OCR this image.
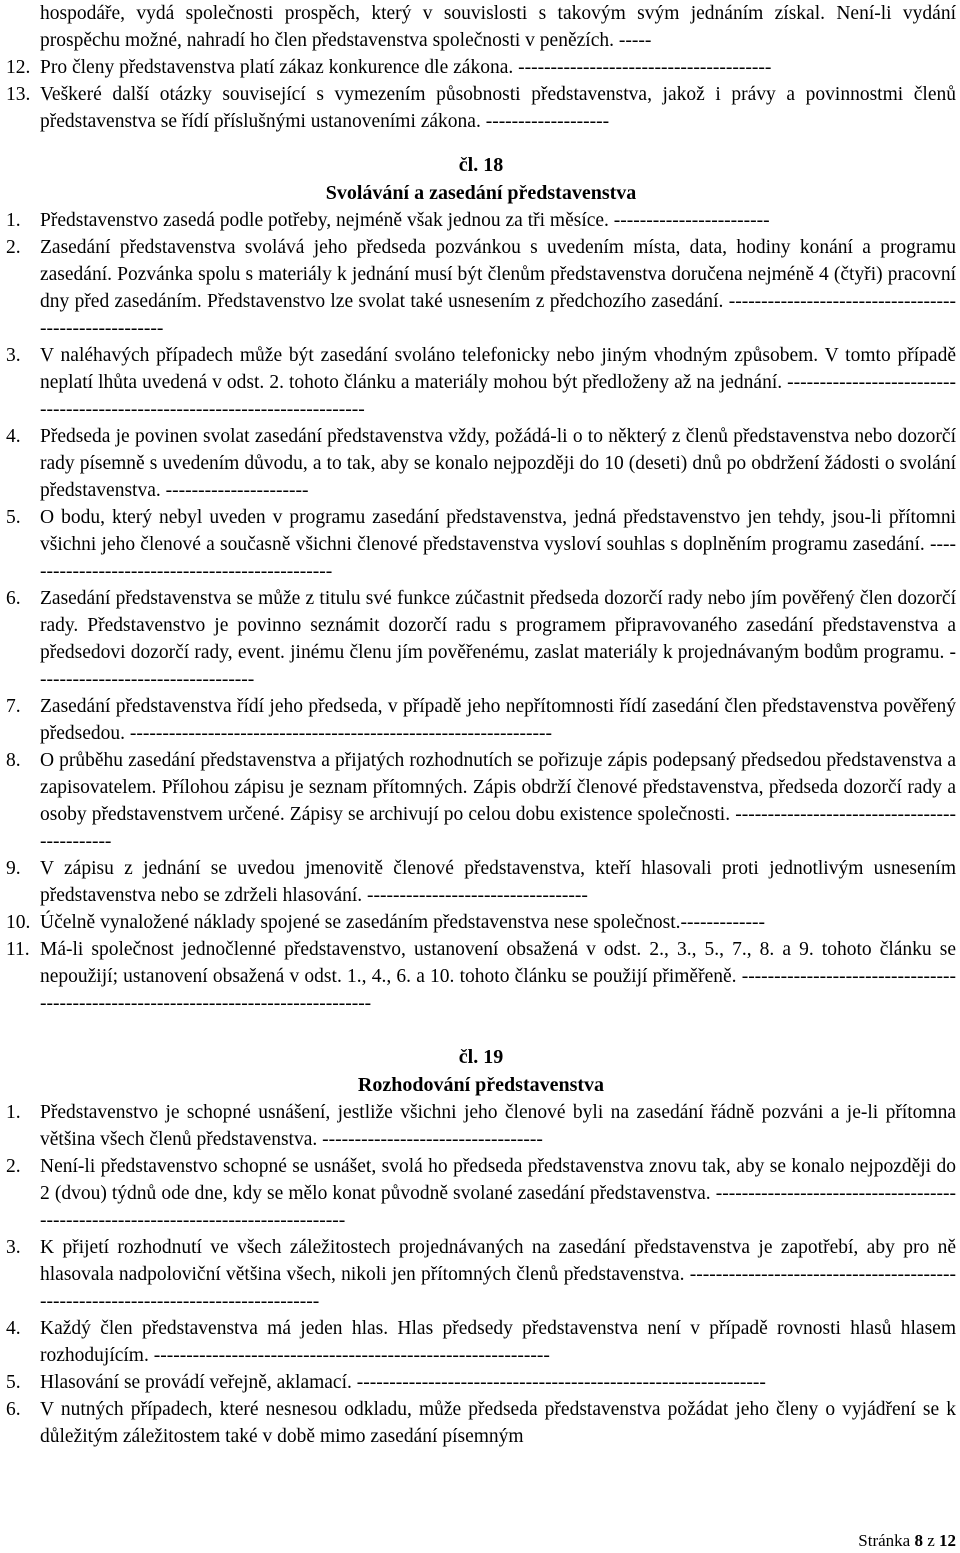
hospodáře, vydá společnosti prospěch, který v souvislosti s takovým svým jednáním získal. Není-li vydání prospěchu možné, nahradí ho člen představenstva společnosti v penězích. -----
12. Pro členy představenstva platí zákaz konkurence dle zákona. ---------------------------------------
13. Veškeré další otázky související s vymezením působnosti představenstva, jakož i právy a povinnostmi členů představenstva se řídí příslušnými ustanoveními zákona. -------------------
čl. 18
Svolávání a zasedání představenstva
1. Představenstvo zasedá podle potřeby, nejméně však jednou za tři měsíce. ------------------------
2. Zasedání představenstva svolává jeho předseda pozvánkou s uvedením místa, data, hodiny konání a programu zasedání. Pozvánka spolu s materiály k jednání musí být členům představenstva doručena nejméně 4 (čtyři) pracovní dny před zasedáním. Představenstvo lze svolat také usnesením z předchozího zasedání. ------------------------------------------------------
3. V naléhavých případech může být zasedání svoláno telefonicky nebo jiným vhodným způsobem. V tomto případě neplatí lhůta uvedená v odst. 2. tohoto článku a materiály mohou být předloženy až na jednání. ----------------------------------------------------------------------------
4. Předseda je povinen svolat zasedání představenstva vždy, požádá-li o to některý z členů představenstva nebo dozorčí rady písemně s uvedením důvodu, a to tak, aby se konalo nejpozději do 10 (deseti) dnů po obdržení žádosti o svolání představenstva. ----------------------
5. O bodu, který nebyl uveden v programu zasedání představenstva, jedná představenstvo jen tehdy, jsou-li přítomni všichni jeho členové a současně všichni členové představenstva vysloví souhlas s doplněním programu zasedání. -------------------------------------------------
6. Zasedání představenstva se může z titulu své funkce zúčastnit předseda dozorčí rady nebo jím pověřený člen dozorčí rady. Představenstvo je povinno seznámit dozorčí radu s programem připravovaného zasedání představenstva a předsedovi dozorčí rady, event. jinému členu jím pověřenému, zaslat materiály k projednávaným bodům programu. ----------------------------------
7. Zasedání představenstva řídí jeho předseda, v případě jeho nepřítomnosti řídí zasedání člen představenstva pověřený předsedou. -----------------------------------------------------------------
8. O průběhu zasedání představenstva a přijatých rozhodnutích se pořizuje zápis podepsaný předsedou představenstva a zapisovatelem. Přílohou zápisu je seznam přítomných. Zápis obdrží členové představenstva, předseda dozorčí rady a osoby představenstvem určené. Zápisy se archivují po celou dobu existence společnosti. ---------------------------------------------
9. V zápisu z jednání se uvedou jmenovitě členové představenstva, kteří hlasovali proti jednotlivým usnesením představenstva nebo se zdrželi hlasování. ----------------------------------
10. Účelně vynaložené náklady spojené se zasedáním představenstva nese společnost.-------------
11. Má-li společnost jednočlenné představenstvo, ustanovení obsažená v odst. 2., 3., 5., 7., 8. a 9. tohoto článku se nepoužijí; ustanovení obsažená v odst. 1., 4., 6. a 10. tohoto článku se použijí přiměřeně. ------------------------------------------------------------------------------------
čl. 19
Rozhodování představenstva
1. Představenstvo je schopné usnášení, jestliže všichni jeho členové byli na zasedání řádně pozváni a je-li přítomna většina všech členů představenstva. ----------------------------------
2. Není-li představenstvo schopné se usnášet, svolá ho předseda představenstva znovu tak, aby se konalo nejpozději do 2 (dvou) týdnů ode dne, kdy se mělo konat původně svolané zasedání představenstva. ------------------------------------------------------------------------------------
3. K přijetí rozhodnutí ve všech záležitostech projednávaných na zasedání představenstva je zapotřebí, aby pro ně hlasovala nadpoloviční většina všech, nikoli jen přítomných členů představenstva. ------------------------------------------------------------------------------------
4. Každý člen představenstva má jeden hlas. Hlas předsedy představenstva není v případě rovnosti hlasů hlasem rozhodujícím. -------------------------------------------------------------
5. Hlasování se provádí veřejně, aklamací. ---------------------------------------------------------------
6. V nutných případech, které nesnesou odkladu, může předseda představenstva požádat jeho členy o vyjádření se k důležitým záležitostem také v době mimo zasedání písemným
Stránka 8 z 12
